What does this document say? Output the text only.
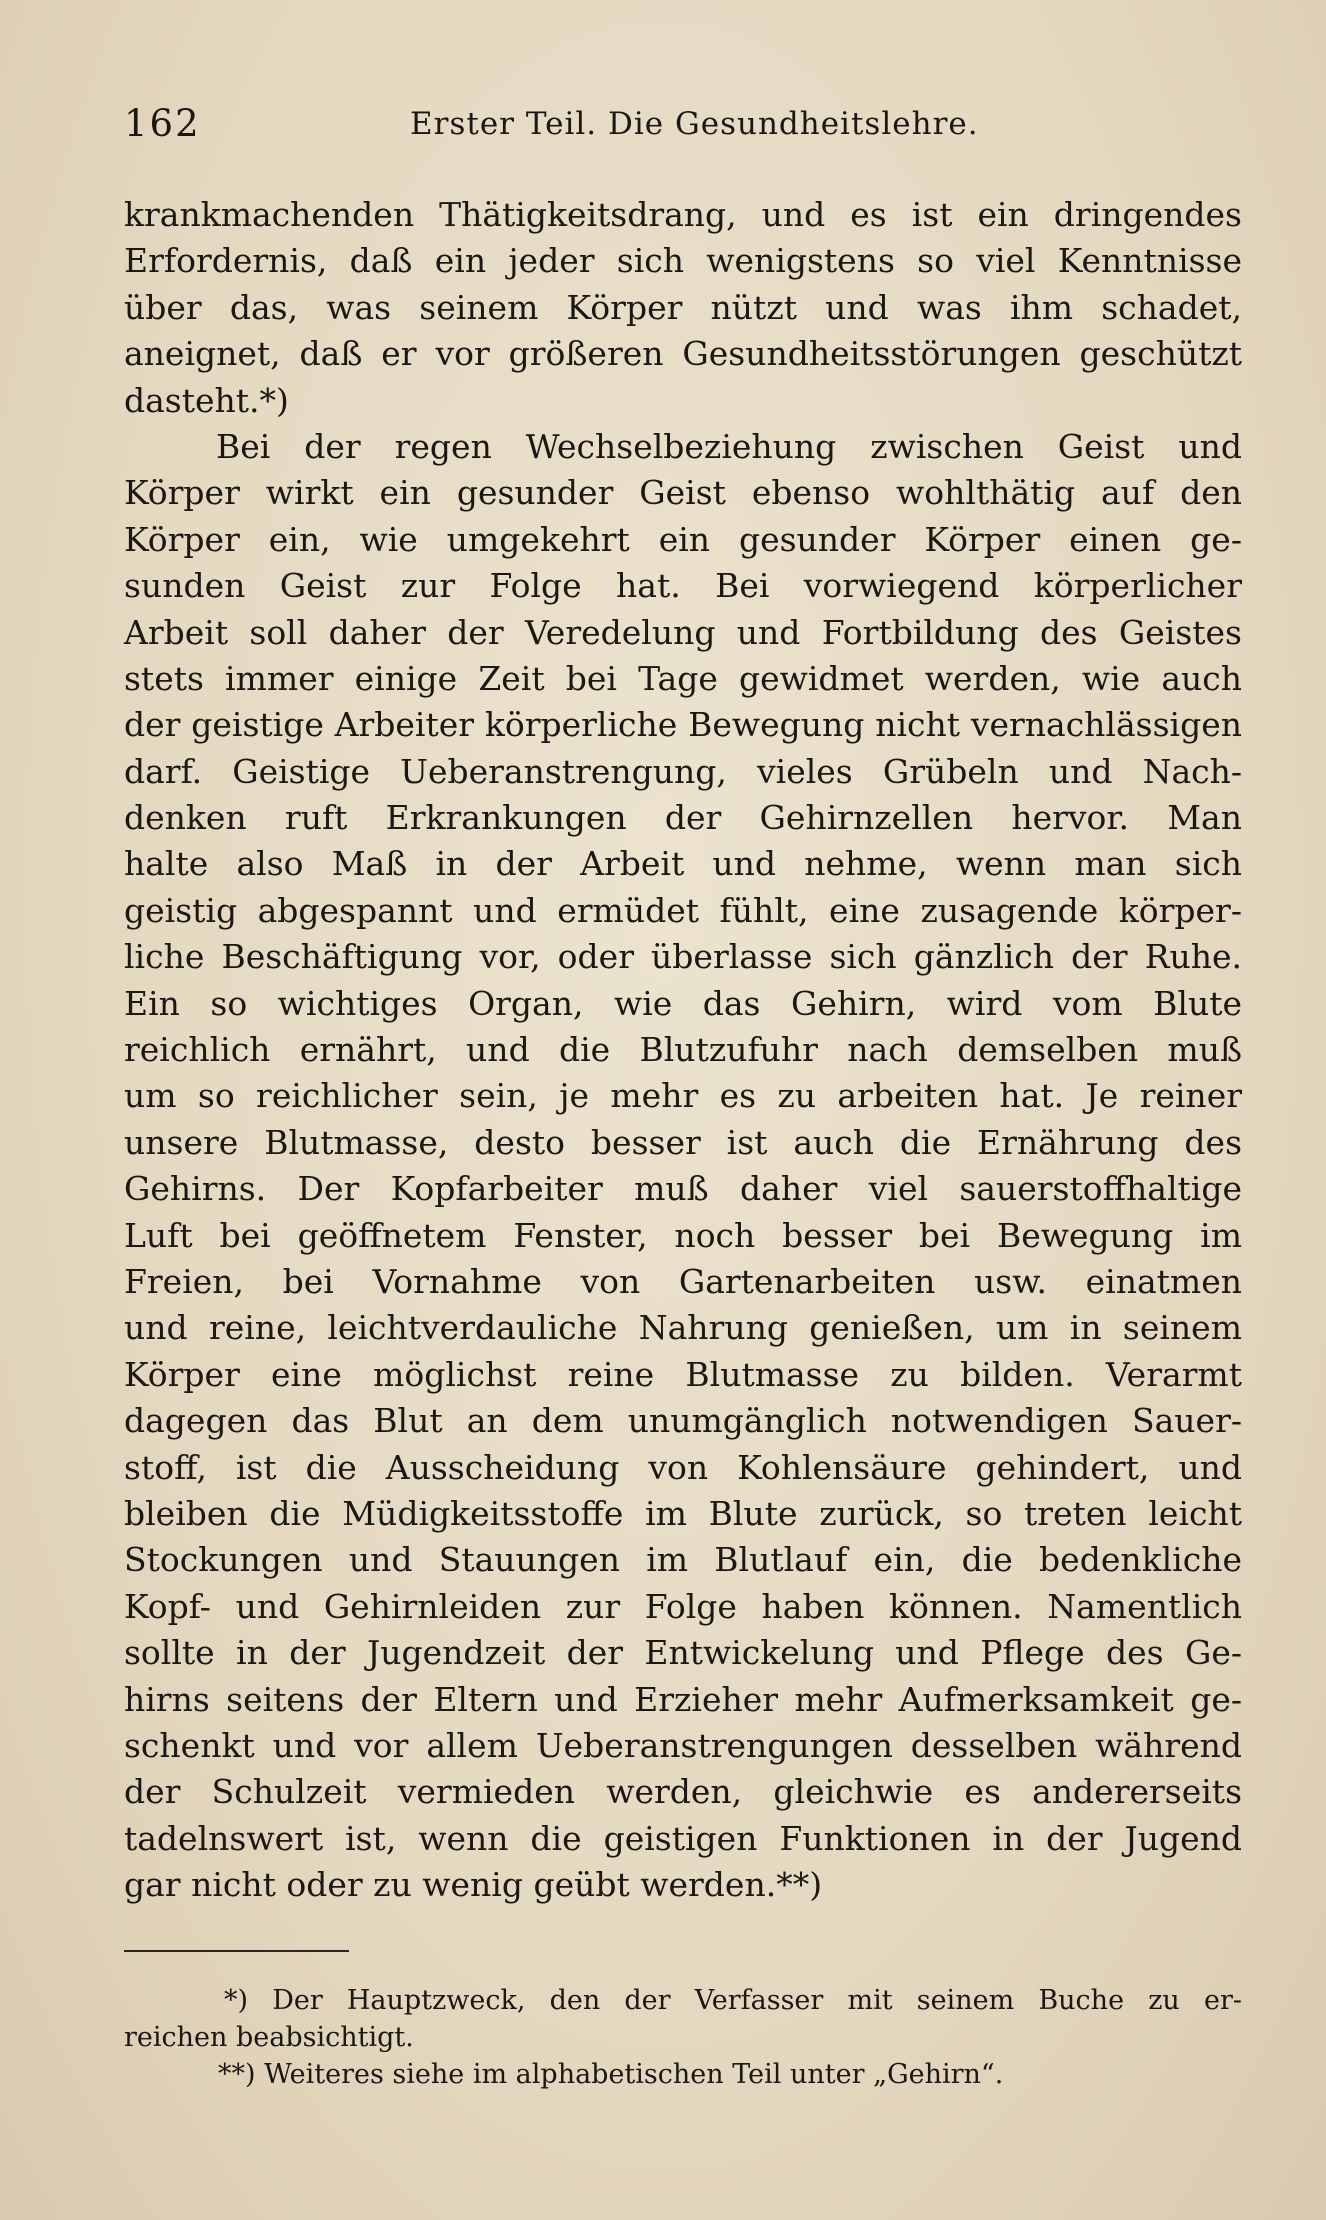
162	Erster Teil. Die Gesundheitslehre.
krankmachenden Thätigkeitsdrang, und es ist ein dringendes
Erfordernis, daß ein jeder sich wenigstens so viel Kenntnisse
über das, was seinem Körper nützt und was ihm schadet,
aneignet, daß er vor größeren Gesundheitsstörungen geschützt
dasteht.*)
Bei der regen Wechselbeziehung zwischen Geist und
Körper wirkt ein gesunder Geist ebenso wohlthätig auf den
Körper ein, wie umgekehrt ein gesunder Körper einen ge-
sunden Geist zur Folge hat. Bei vorwiegend körperlicher
Arbeit soll daher der Veredelung und Fortbildung des Geistes
stets immer einige Zeit bei Tage gewidmet werden, wie auch
der geistige Arbeiter körperliche Bewegung nicht vernachlässigen
darf. Geistige Ueberanstrengung, vieles Grübeln und Nach-
denken ruft Erkrankungen der Gehirnzellen hervor. Man
halte also Maß in der Arbeit und nehme, wenn man sich
geistig abgespannt und ermüdet fühlt, eine zusagende körper-
liche Beschäftigung vor, oder überlasse sich gänzlich der Ruhe.
Ein so wichtiges Organ, wie das Gehirn, wird vom Blute
reichlich ernährt, und die Blutzufuhr nach demselben muß
um so reichlicher sein, je mehr es zu arbeiten hat. Je reiner
unsere Blutmasse, desto besser ist auch die Ernährung des
Gehirns. Der Kopfarbeiter muß daher viel sauerstoffhaltige
Luft bei geöffnetem Fenster, noch besser bei Bewegung im
Freien, bei Vornahme von Gartenarbeiten usw. einatmen
und reine, leichtverdauliche Nahrung genießen, um in seinem
Körper eine möglichst reine Blutmasse zu bilden. Verarmt
dagegen das Blut an dem unumgänglich notwendigen Sauer-
stoff, ist die Ausscheidung von Kohlensäure gehindert, und
bleiben die Müdigkeitsstoffe im Blute zurück, so treten leicht
Stockungen und Stauungen im Blutlauf ein, die bedenkliche
Kopf- und Gehirnleiden zur Folge haben können. Namentlich
sollte in der Jugendzeit der Entwickelung und Pflege des Ge-
hirns seitens der Eltern und Erzieher mehr Aufmerksamkeit ge-
schenkt und vor allem Ueberanstrengungen desselben während
der Schulzeit vermieden werden, gleichwie es andererseits
tadelnswert ist, wenn die geistigen Funktionen in der Jugend
gar nicht oder zu wenig geübt werden.**)
*) Der Hauptzweck, den der Verfasser mit seinem Buche zu er-
reichen beabsichtigt.
**) Weiteres siehe im alphabetischen Teil unter „Gehirn“.
